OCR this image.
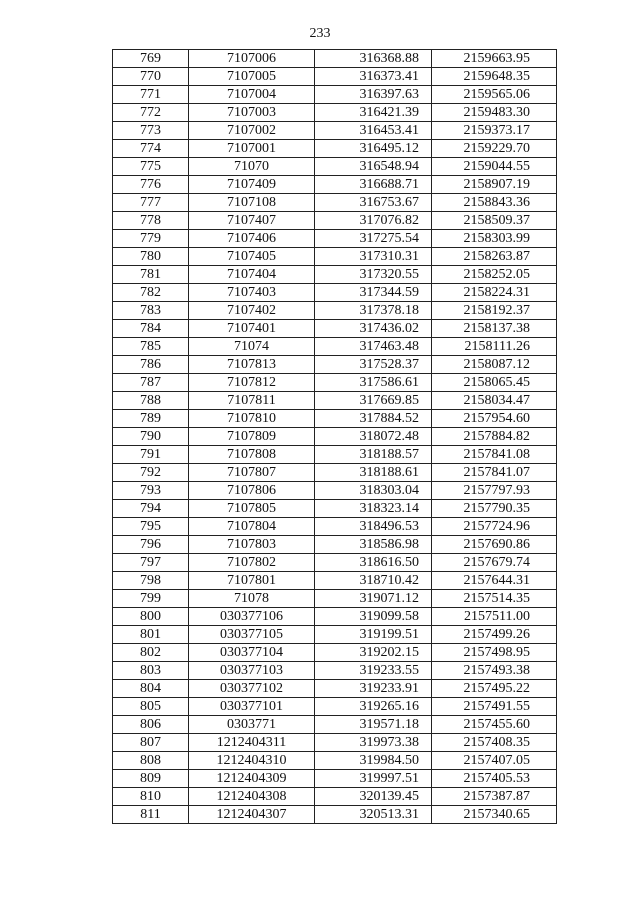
233
769	7107006	316368.88	2159663.95
770	7107005	316373.41	2159648.35
771	7107004	316397.63	2159565.06
772	7107003	316421.39	2159483.30
773	7107002	316453.41	2159373.17
774	7107001	316495.12	2159229.70
775	71070	316548.94	2159044.55
776	7107409	316688.71	2158907.19
777	7107108	316753.67	2158843.36
778	7107407	317076.82	2158509.37
779	7107406	317275.54	2158303.99
780	7107405	317310.31	2158263.87
781	7107404	317320.55	2158252.05
782	7107403	317344.59	2158224.31
783	7107402	317378.18	2158192.37
784	7107401	317436.02	2158137.38
785	71074	317463.48	2158111.26
786	7107813	317528.37	2158087.12
787	7107812	317586.61	2158065.45
788	7107811	317669.85	2158034.47
789	7107810	317884.52	2157954.60
790	7107809	318072.48	2157884.82
791	7107808	318188.57	2157841.08
792	7107807	318188.61	2157841.07
793	7107806	318303.04	2157797.93
794	7107805	318323.14	2157790.35
795	7107804	318496.53	2157724.96
796	7107803	318586.98	2157690.86
797	7107802	318616.50	2157679.74
798	7107801	318710.42	2157644.31
799	71078	319071.12	2157514.35
800	030377106	319099.58	2157511.00
801	030377105	319199.51	2157499.26
802	030377104	319202.15	2157498.95
803	030377103	319233.55	2157493.38
804	030377102	319233.91	2157495.22
805	030377101	319265.16	2157491.55
806	0303771	319571.18	2157455.60
807	1212404311	319973.38	2157408.35
808	1212404310	319984.50	2157407.05
809	1212404309	319997.51	2157405.53
810	1212404308	320139.45	2157387.87
811	1212404307	320513.31	2157340.65
